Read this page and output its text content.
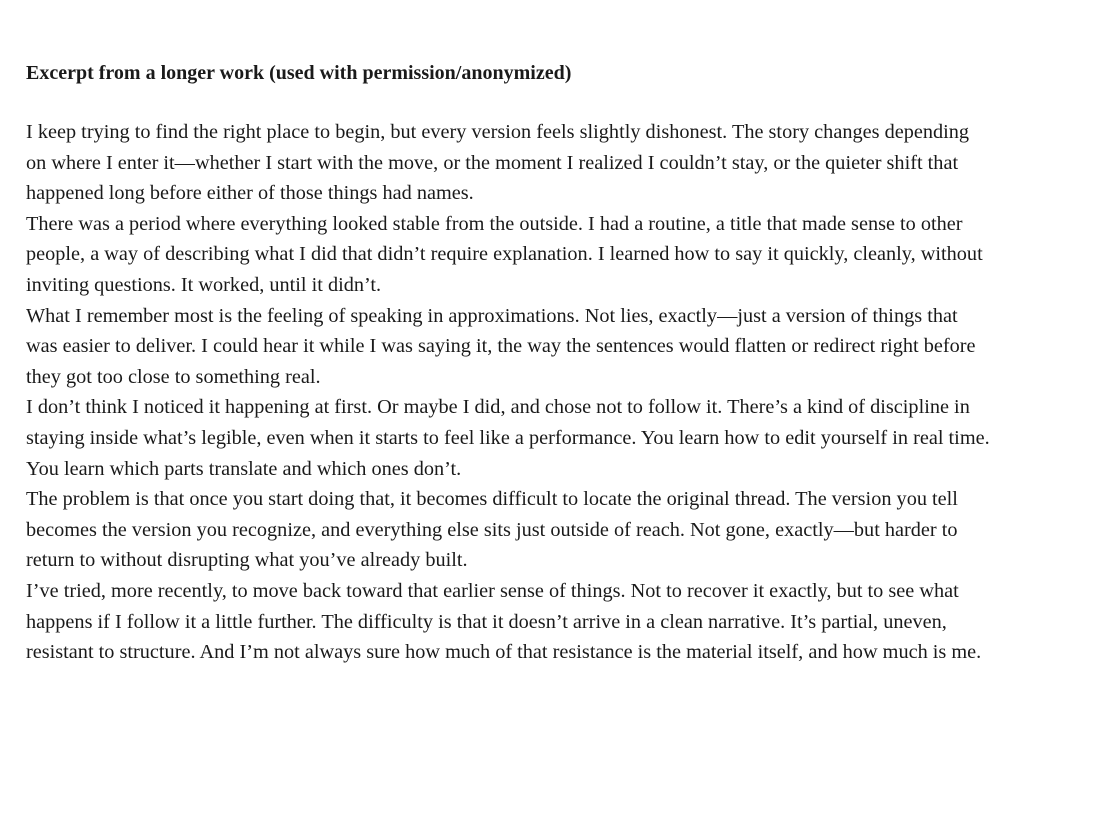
Excerpt from a longer work (used with permission/anonymized)

I keep trying to find the right place to begin, but every version feels slightly dishonest. The story changes depending
on where I enter it—whether I start with the move, or the moment I realized I couldn’t stay, or the quieter shift that
happened long before either of those things had names.

There was a period where everything looked stable from the outside. I had a routine, a title that made sense to other
people, a way of describing what I did that didn’t require explanation. I learned how to say it quickly, cleanly, without
inviting questions. It worked, until it didn’t.

What I remember most is the feeling of speaking in approximations. Not lies, exactly—just a version of things that
was easier to deliver. I could hear it while I was saying it, the way the sentences would flatten or redirect right before
they got too close to something real.

I don’t think I noticed it happening at first. Or maybe I did, and chose not to follow it. There’s a kind of discipline in
staying inside what’s legible, even when it starts to feel like a performance. You learn how to edit yourself in real time.
You learn which parts translate and which ones don’t.

The problem is that once you start doing that, it becomes difficult to locate the original thread. The version you tell
becomes the version you recognize, and everything else sits just outside of reach. Not gone, exactly—but harder to
return to without disrupting what you’ve already built.

I’ve tried, more recently, to move back toward that earlier sense of things. Not to recover it exactly, but to see what
happens if I follow it a little further. The difficulty is that it doesn’t arrive in a clean narrative. It’s partial, uneven,
resistant to structure. And I’m not always sure how much of that resistance is the material itself, and how much is me.
